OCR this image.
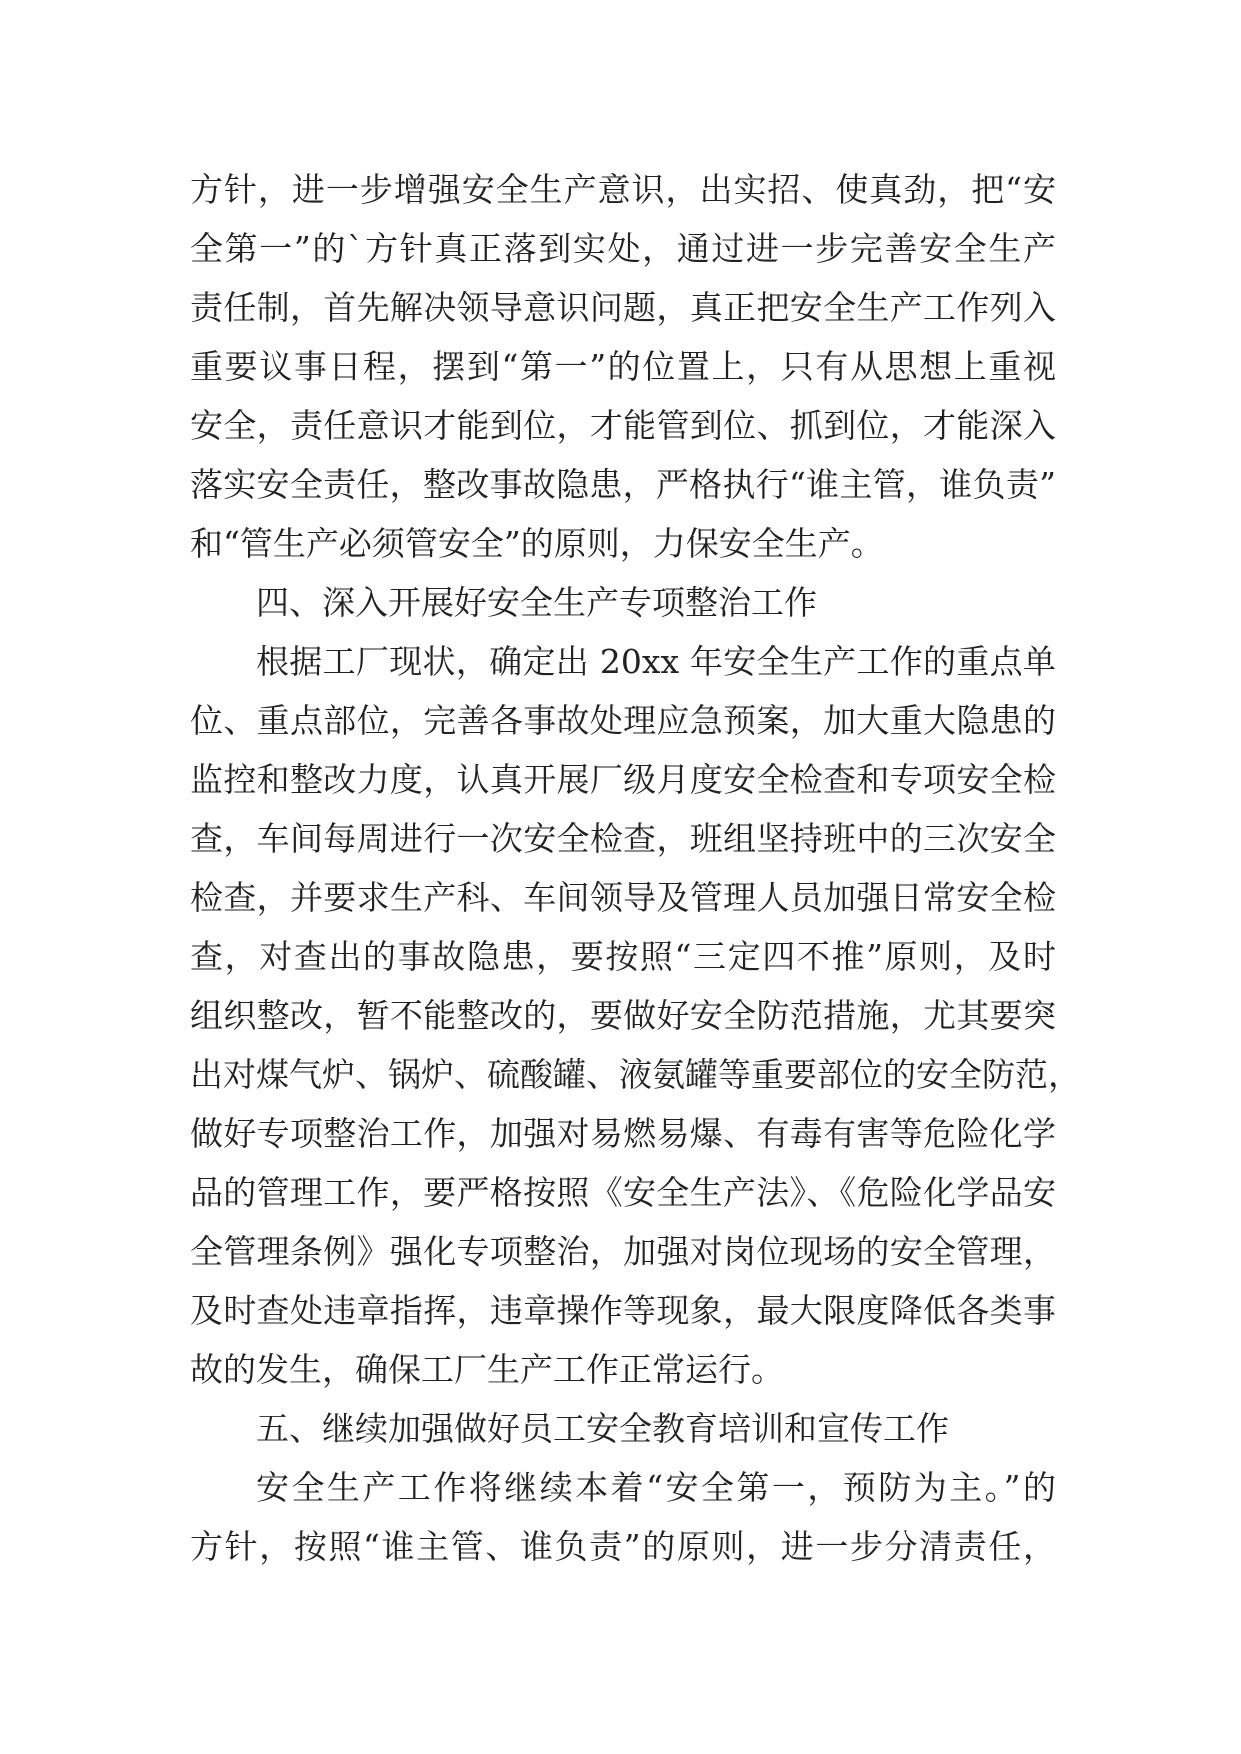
方针，进一步增强安全生产意识，出实招、使真劲，把“安
全第一”的`方针真正落到实处，通过进一步完善安全生产
责任制，首先解决领导意识问题，真正把安全生产工作列入
重要议事日程，摆到“第一”的位置上，只有从思想上重视
安全，责任意识才能到位，才能管到位、抓到位，才能深入
落实安全责任，整改事故隐患，严格执行“谁主管，谁负责”
和“管生产必须管安全”的原则，力保安全生产。
四、深入开展好安全生产专项整治工作
根据工厂现状，确定出 20xx 年安全生产工作的重点单
位、重点部位，完善各事故处理应急预案，加大重大隐患的
监控和整改力度，认真开展厂级月度安全检查和专项安全检
查，车间每周进行一次安全检查，班组坚持班中的三次安全
检查，并要求生产科、车间领导及管理人员加强日常安全检
查，对查出的事故隐患，要按照“三定四不推”原则，及时
组织整改，暂不能整改的，要做好安全防范措施，尤其要突
出对煤气炉、锅炉、硫酸罐、液氨罐等重要部位的安全防范，
做好专项整治工作，加强对易燃易爆、有毒有害等危险化学
品的管理工作，要严格按照《安全生产法》、《危险化学品安
全管理条例》强化专项整治，加强对岗位现场的安全管理，
及时查处违章指挥，违章操作等现象，最大限度降低各类事
故的发生，确保工厂生产工作正常运行。
五、继续加强做好员工安全教育培训和宣传工作
安全生产工作将继续本着“安全第一，预防为主。”的
方针，按照“谁主管、谁负责”的原则，进一步分清责任，
